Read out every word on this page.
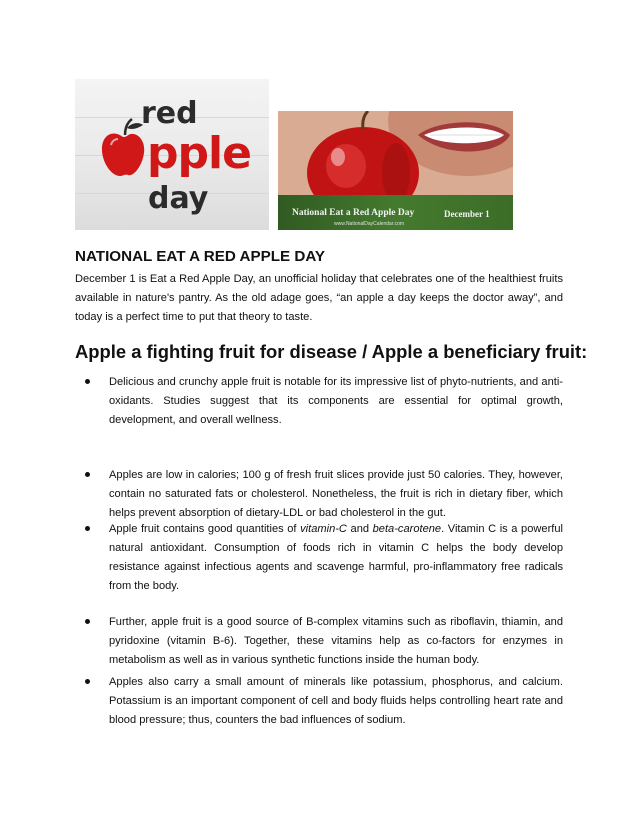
red
pple
day	National Eat a Red Apple Day
www.NationalDayCalendar.com
December 1
NATIONAL EAT A RED APPLE DAY

December 1 is Eat a Red Apple Day, an unofficial holiday that celebrates one of the healthiest fruits available in nature's pantry. As the old adage goes, “an apple a day keeps the doctor away”, and today is a perfect time to put that theory to taste.

Apple a fighting fruit for disease / Apple a beneficiary fruit:
Delicious and crunchy apple fruit is notable for its impressive list of phyto-nutrients, and anti-oxidants. Studies suggest that its components are essential for optimal growth, development, and overall wellness.
Apples are low in calories; 100 g of fresh fruit slices provide just 50 calories. They, however, contain no saturated fats or cholesterol. Nonetheless, the fruit is rich in dietary fiber, which helps prevent absorption of dietary-LDL or bad cholesterol in the gut.
Apple fruit contains good quantities of vitamin-C and beta-carotene. Vitamin C is a powerful natural antioxidant. Consumption of foods rich in vitamin C helps the body develop resistance against infectious agents and scavenge harmful, pro-inflammatory free radicals from the body.
Further, apple fruit is a good source of B-complex vitamins such as riboflavin, thiamin, and pyridoxine (vitamin B-6). Together, these vitamins help as co-factors for enzymes in metabolism as well as in various synthetic functions inside the human body.
Apples also carry a small amount of minerals like potassium, phosphorus, and calcium. Potassium is an important component of cell and body fluids helps controlling heart rate and blood pressure; thus, counters the bad influences of sodium.
